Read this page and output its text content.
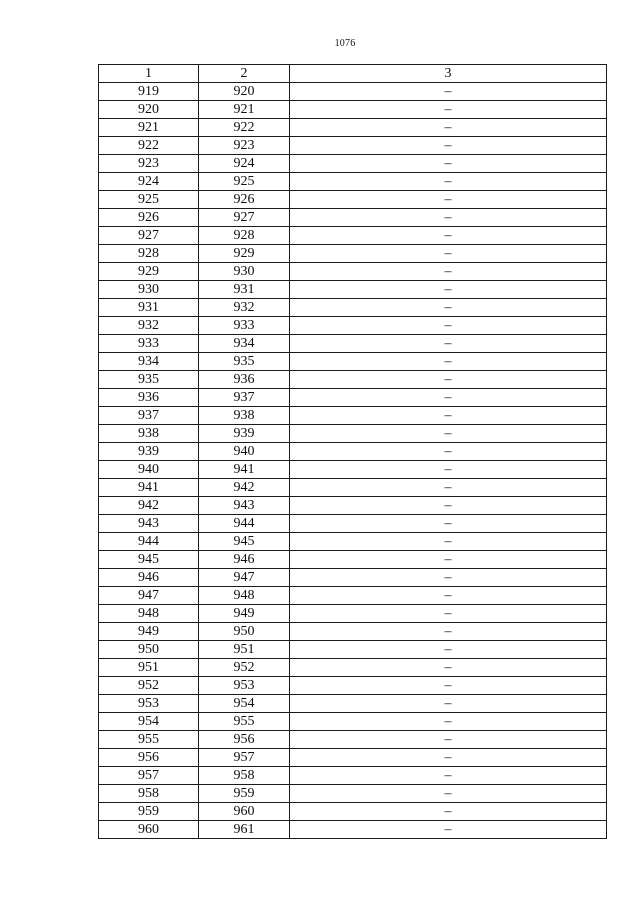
1076
1	2	3
919	920	–
920	921	–
921	922	–
922	923	–
923	924	–
924	925	–
925	926	–
926	927	–
927	928	–
928	929	–
929	930	–
930	931	–
931	932	–
932	933	–
933	934	–
934	935	–
935	936	–
936	937	–
937	938	–
938	939	–
939	940	–
940	941	–
941	942	–
942	943	–
943	944	–
944	945	–
945	946	–
946	947	–
947	948	–
948	949	–
949	950	–
950	951	–
951	952	–
952	953	–
953	954	–
954	955	–
955	956	–
956	957	–
957	958	–
958	959	–
959	960	–
960	961	–
